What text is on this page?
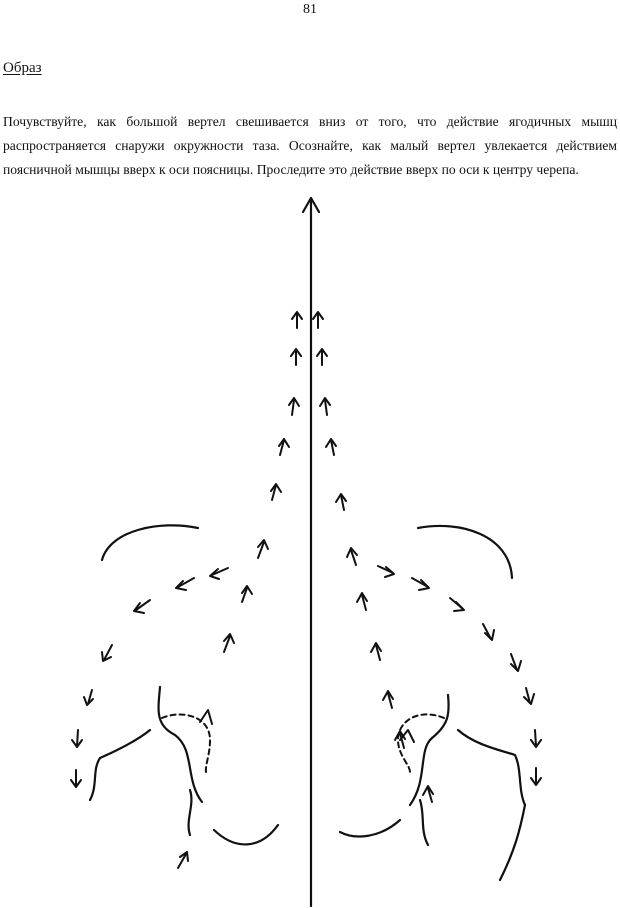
81
Образ

Почувствуйте, как большой вертел свешивается вниз от того, что действие ягодичных мышц распространяется снаружи окружности таза. Осознайте, как малый вертел увлекается действием поясничной мышцы вверх к оси поясницы. Проследите это действие вверх по оси к центру черепа.
